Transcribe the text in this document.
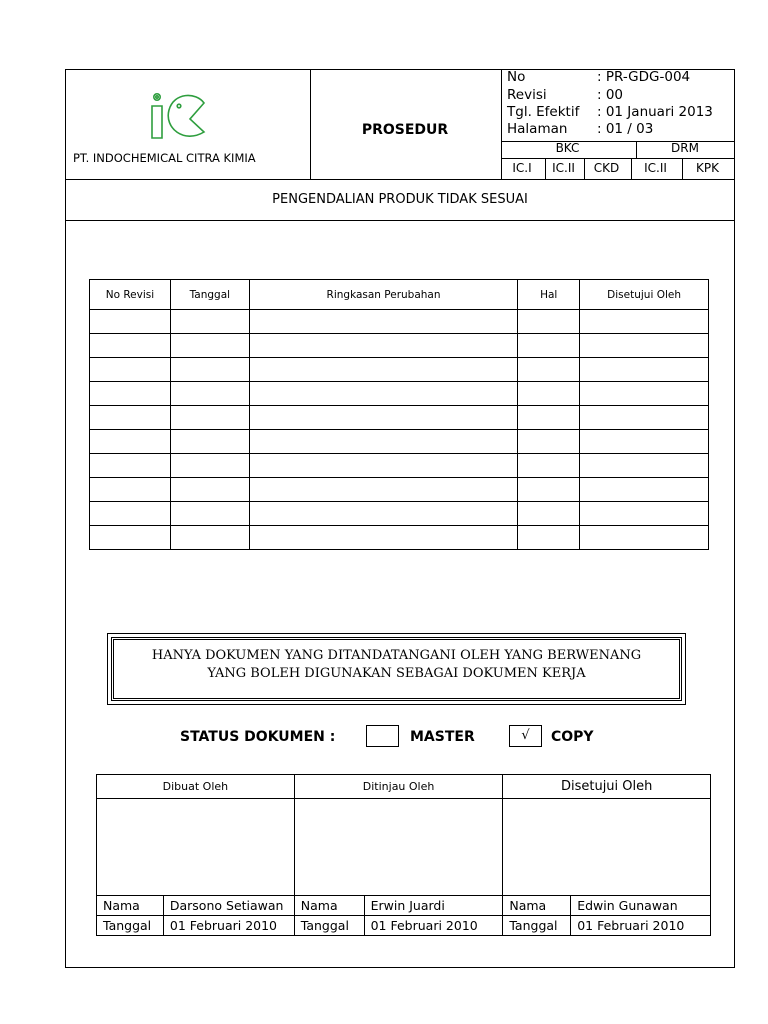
PT. INDOCHEMICAL CITRA KIMIA
PROSEDUR
No	: PR-GDG-004
Revisi	: 00
Tgl. Efektif : 01 Januari 2013
Halaman : 01 / 03
BKC	DRM
IC.I	IC.II	CKD	IC.II	KPK
PENGENDALIAN PRODUK TIDAK SESUAI
No Revisi	Tanggal	Ringkasan Perubahan	Hal	Disetujui Oleh

HANYA DOKUMEN YANG DITANDATANGANI OLEH YANG BERWENANG
YANG BOLEH DIGUNAKAN SEBAGAI DOKUMEN KERJA
STATUS DOKUMEN :	MASTER	√	COPY
Dibuat Oleh		Ditinjau Oleh		Disetujui Oleh	

Nama	Darsono Setiawan	Nama	Erwin Juardi	Nama	Edwin Gunawan
Tanggal	01 Februari 2010	Tanggal	01 Februari 2010	Tanggal	01 Februari 2010
